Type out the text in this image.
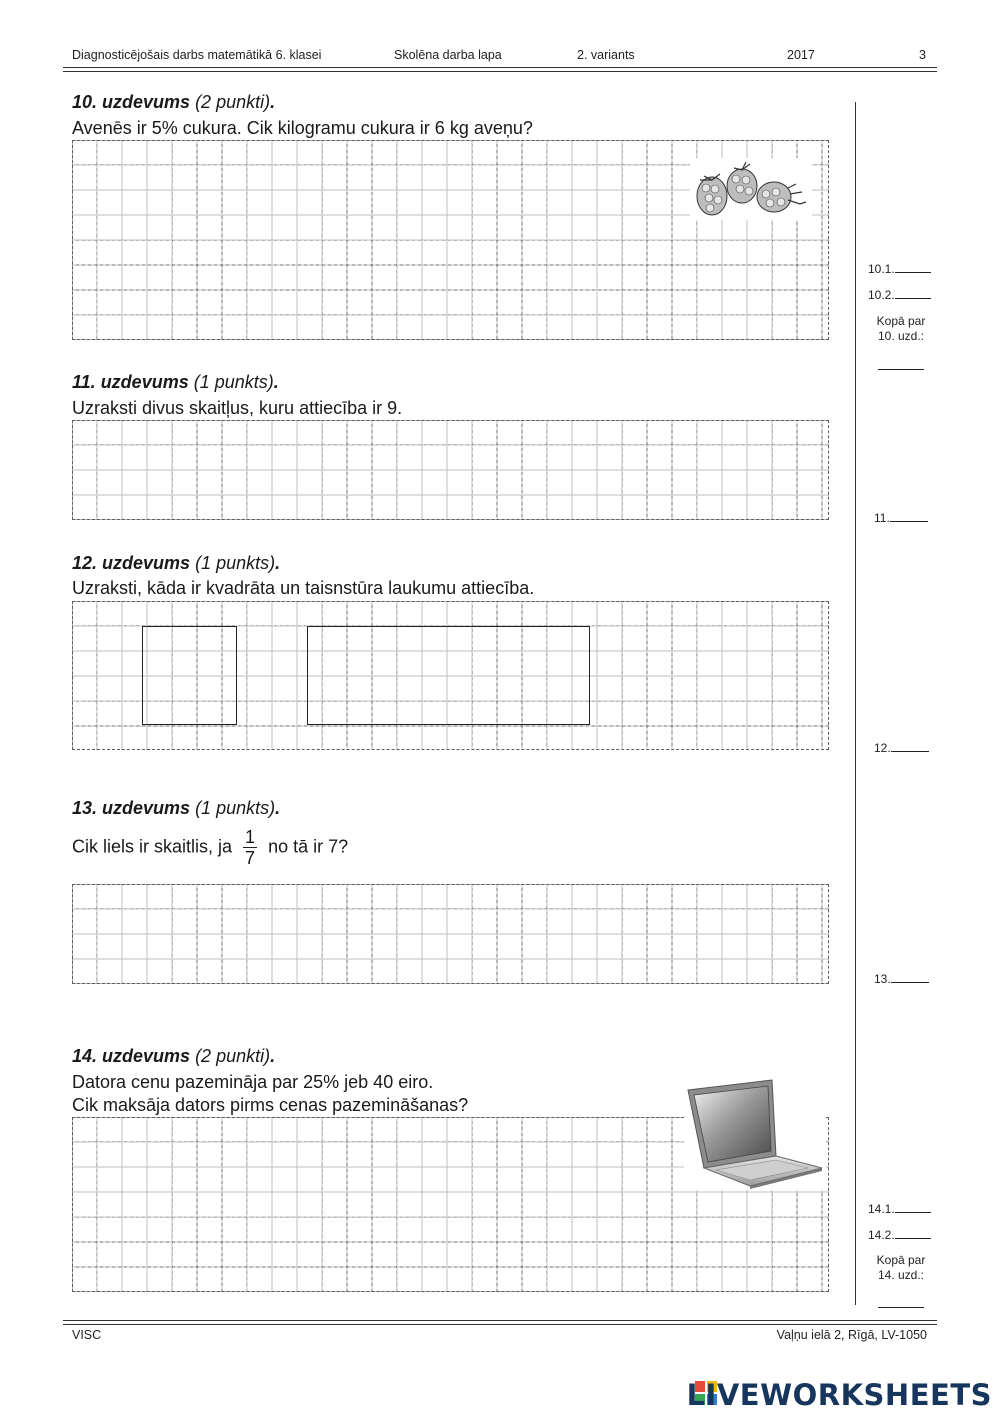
Diagnosticējošais darbs matemātikā 6. klasei	Skolēna darba lapa	2. variants	2017	3
10. uzdevums (2 punkti).
Avenēs ir 5% cukura. Cik kilogramu cukura ir 6 kg aveņu?
10.1.
10.2.
Kopā par
10. uzd.:
11. uzdevums (1 punkts).
Uzraksti divus skaitļus, kuru attiecība ir 9.
11.
12. uzdevums (1 punkts).
Uzraksti, kāda ir kvadrāta un taisnstūra laukumu attiecība.
12.
13. uzdevums (1 punkts).
Cik liels ir skaitlis, ja $\frac{1}{7}$ no tā ir 7?
13.
14. uzdevums (2 punkti).
Datora cenu pazemināja par 25% jeb 40 eiro.
Cik maksāja dators pirms cenas pazemināšanas?
14.1.
14.2.
Kopā par
14. uzd.:
VISC	Vaļņu ielā 2, Rīgā, LV-1050
LIVEWORKSHEETS
